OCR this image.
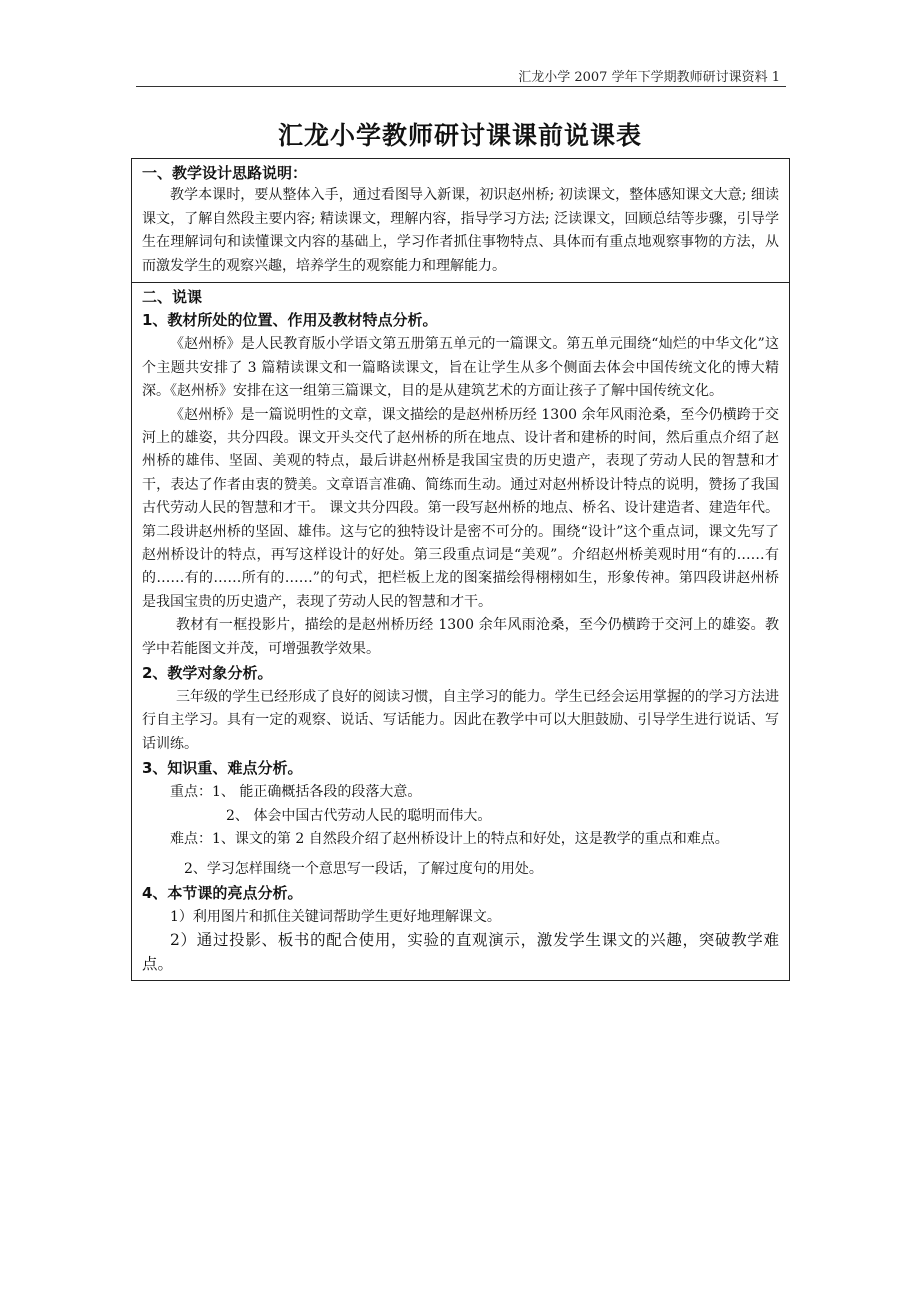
汇龙小学 2007 学年下学期教师研讨课资料 1
汇龙小学教师研讨课课前说课表
一、教学设计思路说明：

教学本课时，要从整体入手，通过看图导入新课，初识赵州桥; 初读课文，整体感知课文大意; 细读课文，了解自然段主要内容; 精读课文，理解内容，指导学习方法; 泛读课文，回顾总结等步骤，引导学生在理解词句和读懂课文内容的基础上，学习作者抓住事物特点、具体而有重点地观察事物的方法，从而激发学生的观察兴趣，培养学生的观察能力和理解能力。

二、说课
1、教材所处的位置、作用及教材特点分析。

《赵州桥》是人民教育版小学语文第五册第五单元的一篇课文。第五单元围绕“灿烂的中华文化”这个主题共安排了 3 篇精读课文和一篇略读课文，旨在让学生从多个侧面去体会中国传统文化的博大精深。《赵州桥》安排在这一组第三篇课文，目的是从建筑艺术的方面让孩子了解中国传统文化。

《赵州桥》是一篇说明性的文章，课文描绘的是赵州桥历经 1300 余年风雨沧桑，至今仍横跨于交河上的雄姿，共分四段。课文开头交代了赵州桥的所在地点、设计者和建桥的时间，然后重点介绍了赵州桥的雄伟、坚固、美观的特点，最后讲赵州桥是我国宝贵的历史遗产，表现了劳动人民的智慧和才干，表达了作者由衷的赞美。文章语言准确、简练而生动。通过对赵州桥设计特点的说明，赞扬了我国古代劳动人民的智慧和才干。 课文共分四段。第一段写赵州桥的地点、桥名、设计建造者、建造年代。第二段讲赵州桥的坚固、雄伟。这与它的独特设计是密不可分的。围绕“设计”这个重点词，课文先写了赵州桥设计的特点，再写这样设计的好处。第三段重点词是“美观”。介绍赵州桥美观时用“有的……有的……有的……所有的……”的句式，把栏板上龙的图案描绘得栩栩如生，形象传神。第四段讲赵州桥是我国宝贵的历史遗产，表现了劳动人民的智慧和才干。

教材有一框投影片，描绘的是赵州桥历经 1300 余年风雨沧桑，至今仍横跨于交河上的雄姿。教学中若能图文并茂，可增强教学效果。

2、教学对象分析。

三年级的学生已经形成了良好的阅读习惯，自主学习的能力。学生已经会运用掌握的的学习方法进行自主学习。具有一定的观察、说话、写话能力。因此在教学中可以大胆鼓励、引导学生进行说话、写话训练。

3、知识重、难点分析。

重点：1、 能正确概括各段的段落大意。

2、 体会中国古代劳动人民的聪明而伟大。

难点：1、课文的第 2 自然段介绍了赵州桥设计上的特点和好处，这是教学的重点和难点。

2、学习怎样围绕一个意思写一段话，了解过度句的用处。

4、本节课的亮点分析。

1）利用图片和抓住关键词帮助学生更好地理解课文。

2）通过投影、板书的配合使用，实验的直观演示，激发学生课文的兴趣，突破教学难点。
